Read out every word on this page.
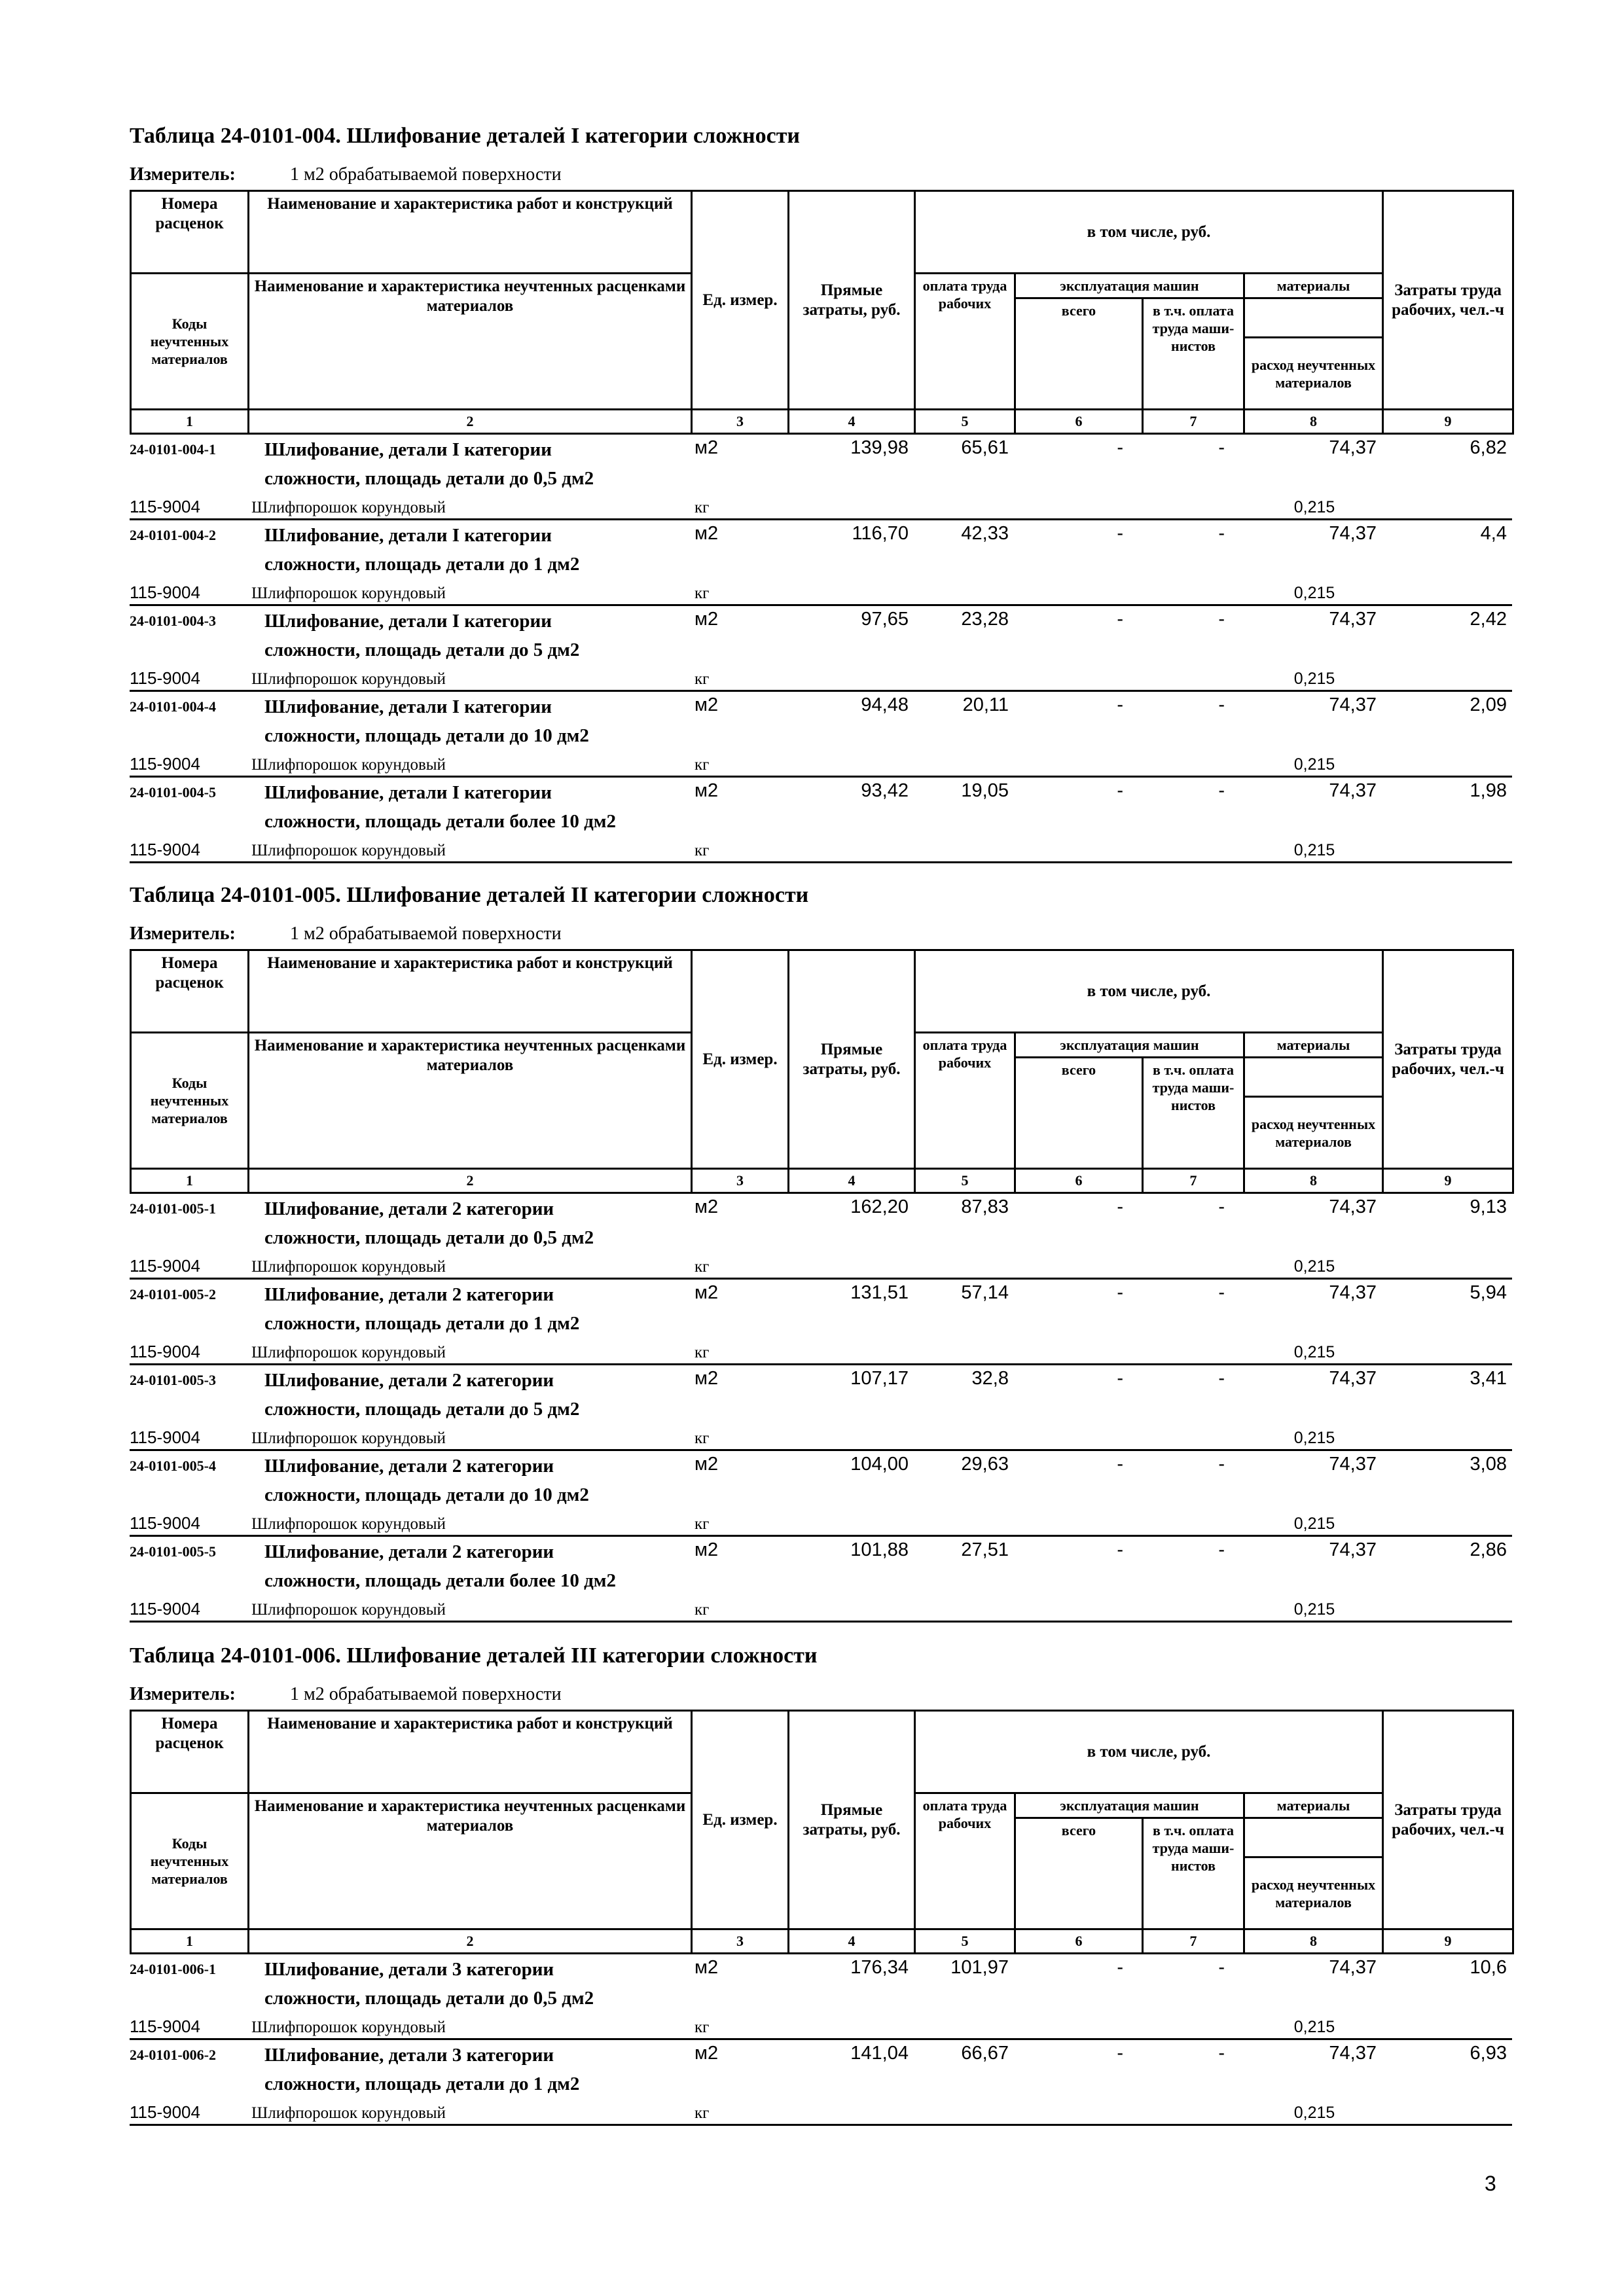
Таблица 24-0101-004. Шлифование деталей I категории сложности
Измеритель:	1 м2 обрабатываемой поверхности
Номера расценок	Наименование и характеристика работ и конструкций	Ед. измер.	Прямые затраты, руб.	в том числе, руб.				Затраты труда рабочих, чел.-ч
Коды неучтенных материалов	Наименование и характеристика неучтенных расценками материалов			оплата труда рабочих	эксплуатация машин		материалы	
					всего	в т.ч. оплата труда маши- нистов		
							расход неучтенных материалов	
1	2	3	4	5	6	7	8	9
24-0101-004-1	Шлифование, детали I категории	м2	139,98	65,61	-	-	74,37	6,82
	сложности, площадь детали до 0,5 дм2							
115-9004	Шлифпорошок корундовый	кг					0,215	
24-0101-004-2	Шлифование, детали I категории	м2	116,70	42,33	-	-	74,37	4,4
	сложности, площадь детали до 1 дм2							
115-9004	Шлифпорошок корундовый	кг					0,215	
24-0101-004-3	Шлифование, детали I категории	м2	97,65	23,28	-	-	74,37	2,42
	сложности, площадь детали до 5 дм2							
115-9004	Шлифпорошок корундовый	кг					0,215	
24-0101-004-4	Шлифование, детали I категории	м2	94,48	20,11	-	-	74,37	2,09
	сложности, площадь детали до 10 дм2							
115-9004	Шлифпорошок корундовый	кг					0,215	
24-0101-004-5	Шлифование, детали I категории	м2	93,42	19,05	-	-	74,37	1,98
	сложности, площадь детали более 10 дм2							
115-9004	Шлифпорошок корундовый	кг					0,215	
Таблица 24-0101-005. Шлифование деталей II категории сложности
Измеритель:	1 м2 обрабатываемой поверхности
Номера расценок	Наименование и характеристика работ и конструкций	Ед. измер.	Прямые затраты, руб.	в том числе, руб.				Затраты труда рабочих, чел.-ч
Коды неучтенных материалов	Наименование и характеристика неучтенных расценками материалов			оплата труда рабочих	эксплуатация машин		материалы	
					всего	в т.ч. оплата труда маши- нистов		
							расход неучтенных материалов	
1	2	3	4	5	6	7	8	9
24-0101-005-1	Шлифование, детали 2 категории	м2	162,20	87,83	-	-	74,37	9,13
	сложности, площадь детали до 0,5 дм2							
115-9004	Шлифпорошок корундовый	кг					0,215	
24-0101-005-2	Шлифование, детали 2 категории	м2	131,51	57,14	-	-	74,37	5,94
	сложности, площадь детали до 1 дм2							
115-9004	Шлифпорошок корундовый	кг					0,215	
24-0101-005-3	Шлифование, детали 2 категории	м2	107,17	32,8	-	-	74,37	3,41
	сложности, площадь детали до 5 дм2							
115-9004	Шлифпорошок корундовый	кг					0,215	
24-0101-005-4	Шлифование, детали 2 категории	м2	104,00	29,63	-	-	74,37	3,08
	сложности, площадь детали до 10 дм2							
115-9004	Шлифпорошок корундовый	кг					0,215	
24-0101-005-5	Шлифование, детали 2 категории	м2	101,88	27,51	-	-	74,37	2,86
	сложности, площадь детали более 10 дм2							
115-9004	Шлифпорошок корундовый	кг					0,215	
Таблица 24-0101-006. Шлифование деталей III категории сложности
Измеритель:	1 м2 обрабатываемой поверхности
Номера расценок	Наименование и характеристика работ и конструкций	Ед. измер.	Прямые затраты, руб.	в том числе, руб.				Затраты труда рабочих, чел.-ч
Коды неучтенных материалов	Наименование и характеристика неучтенных расценками материалов			оплата труда рабочих	эксплуатация машин		материалы	
					всего	в т.ч. оплата труда маши- нистов		
							расход неучтенных материалов	
1	2	3	4	5	6	7	8	9
24-0101-006-1	Шлифование, детали 3 категории	м2	176,34	101,97	-	-	74,37	10,6
	сложности, площадь детали до 0,5 дм2							
115-9004	Шлифпорошок корундовый	кг					0,215	
24-0101-006-2	Шлифование, детали 3 категории	м2	141,04	66,67	-	-	74,37	6,93
	сложности, площадь детали до 1 дм2							
115-9004	Шлифпорошок корундовый	кг					0,215	
3
